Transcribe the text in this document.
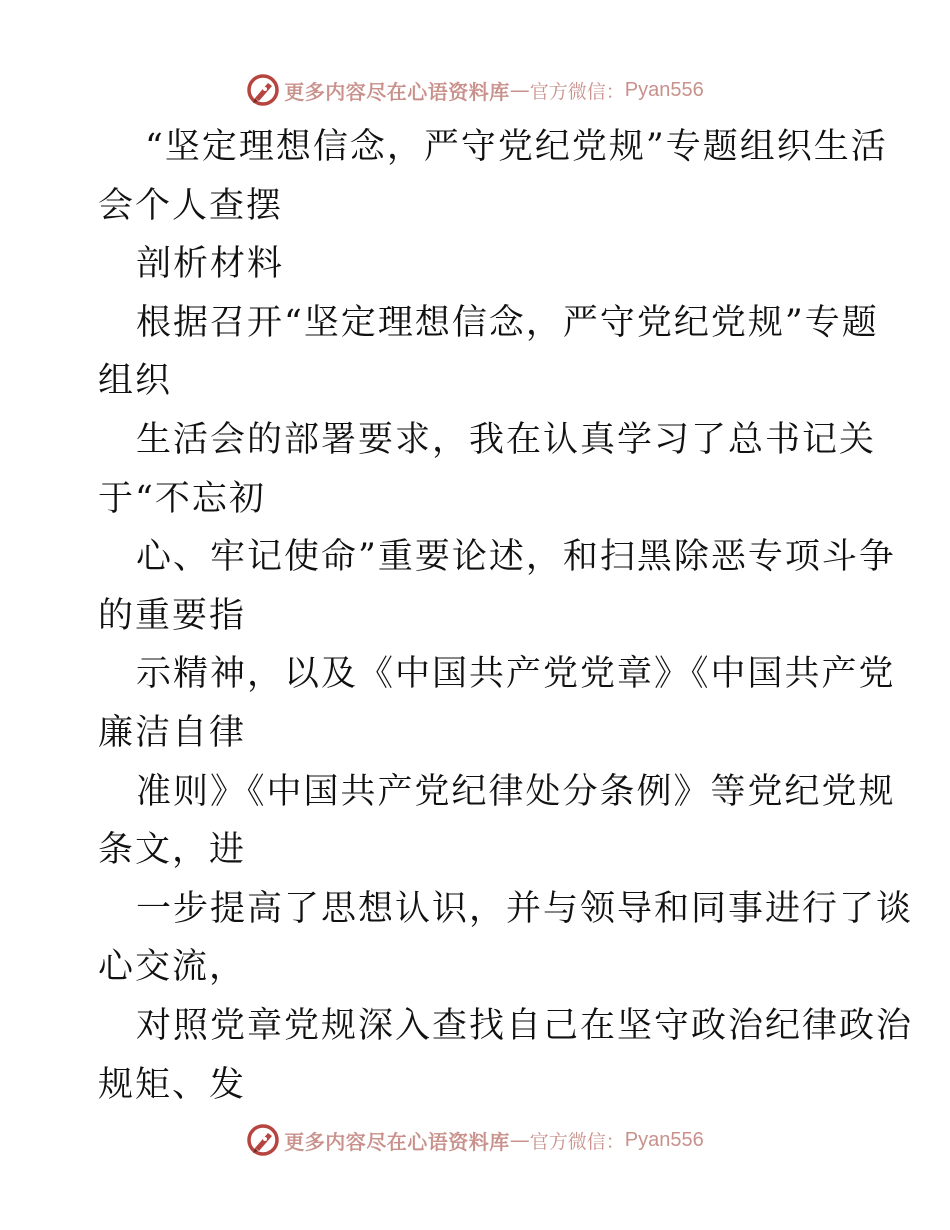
更多内容尽在心语资料库 — 官方微信： Pyan556
“坚定理想信念，严守党纪党规”专题组织生活
会个人查摆
剖析材料
根据召开“坚定理想信念，严守党纪党规”专题
组织
生活会的部署要求，我在认真学习了总书记关
于“不忘初
心、牢记使命”重要论述，和扫黑除恶专项斗争
的重要指
示精神，以及《中国共产党党章》《中国共产党
廉洁自律
准则》《中国共产党纪律处分条例》等党纪党规
条文，进
一步提高了思想认识，并与领导和同事进行了谈
心交流，
对照党章党规深入查找自己在坚守政治纪律政治
规矩、发
更多内容尽在心语资料库 — 官方微信： Pyan556
